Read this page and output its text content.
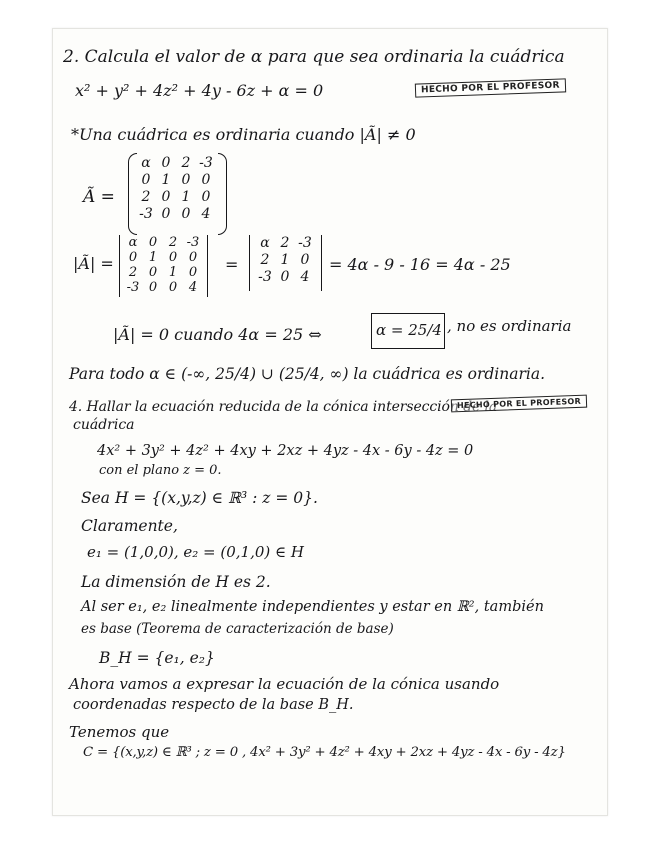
2. Calcula el valor de α para que sea ordinaria la cuádrica
x² + y² + 4z² + 4y - 6z + α = 0	HECHO POR EL PROFESOR
*Una cuádrica es ordinaria cuando |Ã| ≠ 0
Ã =
α 0 2 -3
0 1 0 0
2 0 1 0
-3 0 0 4
|Ã| =
α 0 2 -3
0 1 0 0
2 0 1 0
-3 0 0 4
=
α 2 -3
2 1 0
-3 0 4
= 4α - 9 - 16 = 4α - 25
|Ã| = 0 cuando 4α = 25 ⇔	α = 25/4 , no es ordinaria
Para todo α ∈ (-∞, 25/4) ∪ (25/4, ∞) la cuádrica es ordinaria.
4. Hallar la ecuación reducida de la cónica intersección de la
cuádrica
HECHO POR EL PROFESOR
4x² + 3y² + 4z² + 4xy + 2xz + 4yz - 4x - 6y - 4z = 0
con el plano z = 0.
Sea H = {(x,y,z) ∈ ℝ³ : z = 0}.
Claramente,
e₁ = (1,0,0), e₂ = (0,1,0) ∈ H
La dimensión de H es 2.
Al ser e₁, e₂ linealmente independientes y estar en ℝ², también
es base (Teorema de caracterización de base)
B_H = {e₁, e₂}
Ahora vamos a expresar la ecuación de la cónica usando
coordenadas respecto de la base B_H.
Tenemos que
C = {(x,y,z) ∈ ℝ³ ; z = 0 , 4x² + 3y² + 4z² + 4xy + 2xz + 4yz - 4x - 6y - 4z}
